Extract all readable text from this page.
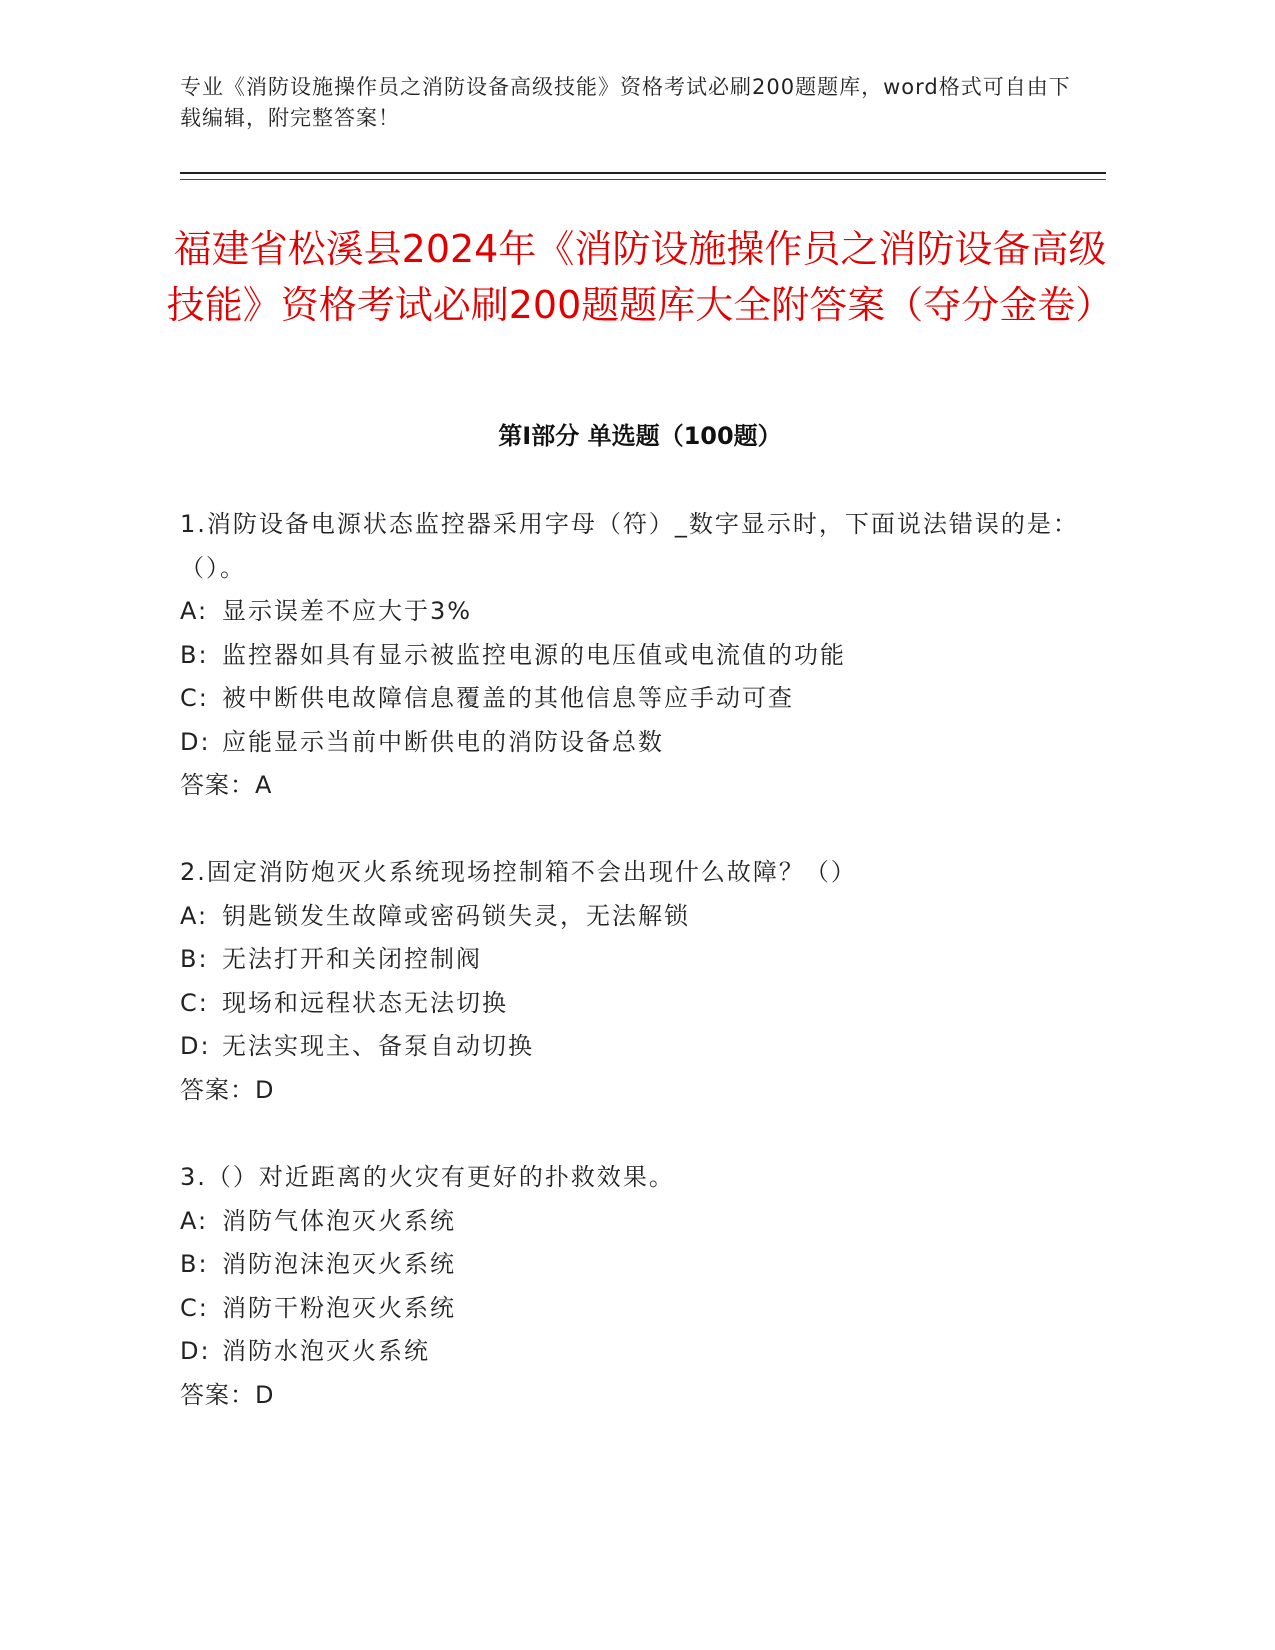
专业《消防设施操作员之消防设备高级技能》资格考试必刷200题题库，word格式可自由下载编辑，附完整答案！
福建省松溪县2024年《消防设施操作员之消防设备高级技能》资格考试必刷200题题库大全附答案（夺分金卷）
第Ⅰ部分 单选题（100题）
1.消防设备电源状态监控器采用字母（符）_数字显示时，下面说法错误的是：（）。
A: 显示误差不应大于3%
B: 监控器如具有显示被监控电源的电压值或电流值的功能
C: 被中断供电故障信息覆盖的其他信息等应手动可查
D: 应能显示当前中断供电的消防设备总数
答案：A
2.固定消防炮灭火系统现场控制箱不会出现什么故障？（）
A: 钥匙锁发生故障或密码锁失灵，无法解锁
B: 无法打开和关闭控制阀
C: 现场和远程状态无法切换
D: 无法实现主、备泵自动切换
答案：D
3.（）对近距离的火灾有更好的扑救效果。
A: 消防气体泡灭火系统
B: 消防泡沫泡灭火系统
C: 消防干粉泡灭火系统
D: 消防水泡灭火系统
答案：D
